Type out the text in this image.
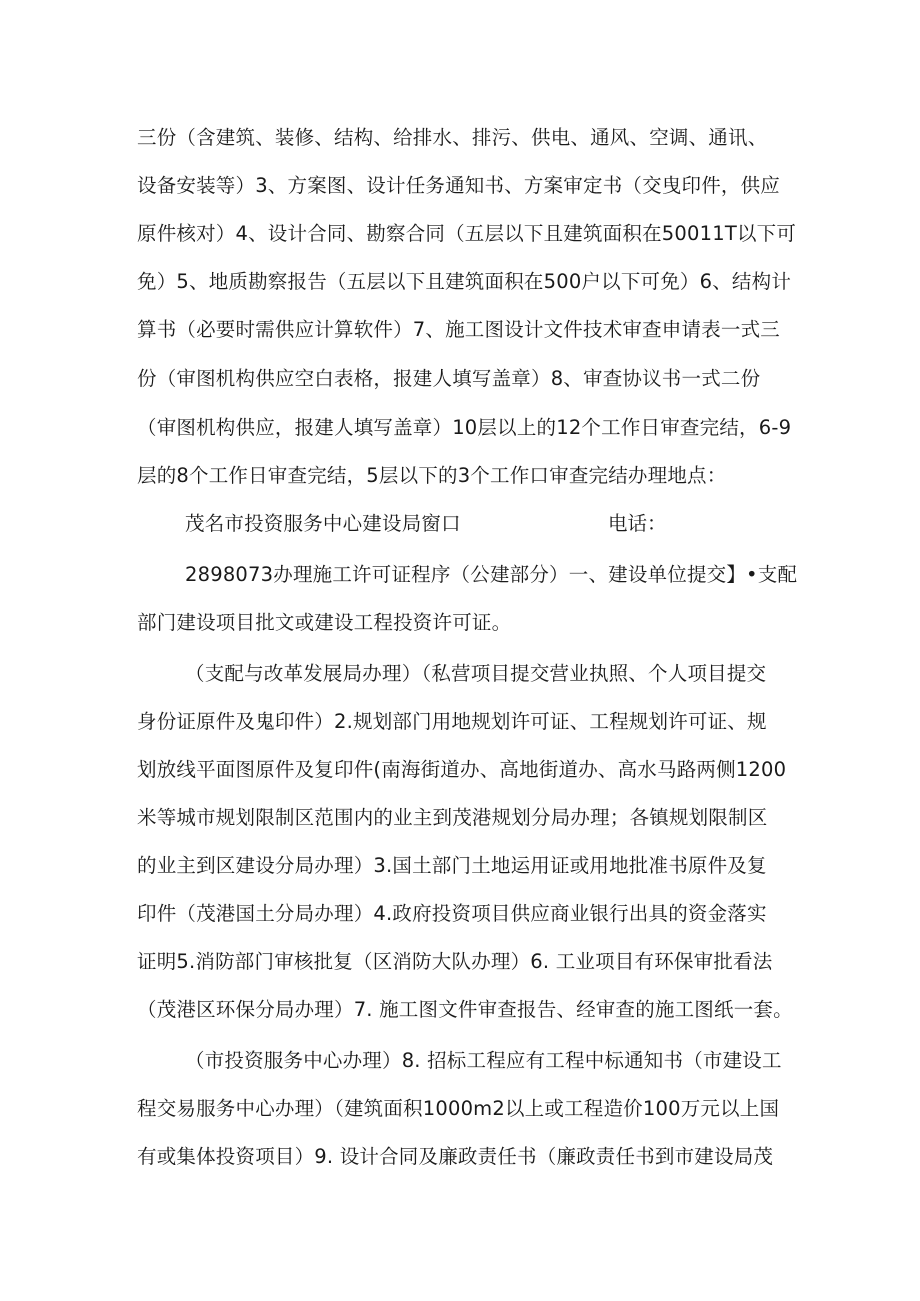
三份（含建筑、装修、结构、给排水、排污、供电、通风、空调、通讯、
设备安装等）3、方案图、设计任务通知书、方案审定书（交曳印件，供应
原件核对）4、设计合同、勘察合同（五层以下且建筑面积在50011T以下可
免）5、地质勘察报告（五层以下且建筑面积在500户以下可免）6、结构计
算书（必要时需供应计算软件）7、施工图设计文件技术审查申请表一式三
份（审图机构供应空白表格，报建人填写盖章）8、审查协议书一式二份
（审图机构供应，报建人填写盖章）10层以上的12个工作日审查完结，6-9
层的8个工作日审查完结，5层以下的3个工作口审查完结办理地点：
茂名市投资服务中心建设局窗口	电话：
2898073办理施工许可证程序（公建部分）一、建设单位提交】•支配
部门建设项目批文或建设工程投资许可证。
（支配与改革发展局办理）（私营项目提交营业执照、个人项目提交
身份证原件及鬼印件）2.规划部门用地规划许可证、工程规划许可证、规
划放线平面图原件及复印件(南海街道办、高地街道办、高水马路两侧1200
米等城市规划限制区范围内的业主到茂港规划分局办理；各镇规划限制区
的业主到区建设分局办理）3.国土部门土地运用证或用地批准书原件及复
印件（茂港国土分局办理）4.政府投资项目供应商业银行出具的资金落实
证明5.消防部门审核批复（区消防大队办理）6. 工业项目有环保审批看法
（茂港区环保分局办理）7. 施工图文件审查报告、经审查的施工图纸一套。
（市投资服务中心办理）8. 招标工程应有工程中标通知书（市建设工
程交易服务中心办理）（建筑面积1000m2以上或工程造价100万元以上国
有或集体投资项目）9. 设计合同及廉政责任书（廉政责任书到市建设局茂
